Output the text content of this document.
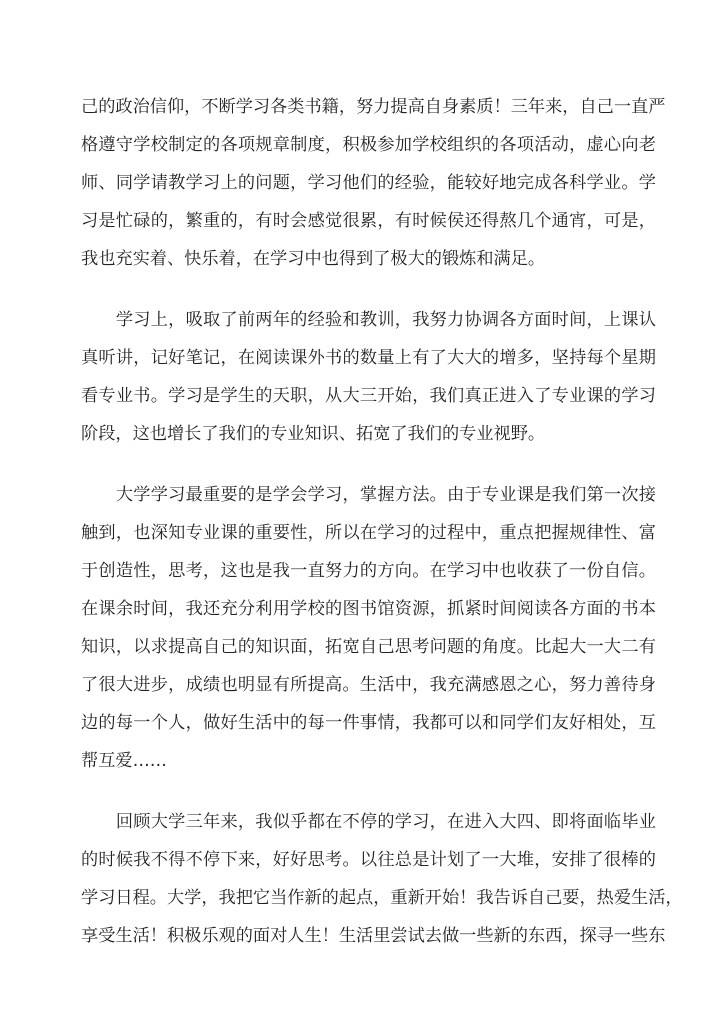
己的政治信仰，不断学习各类书籍，努力提高自身素质！三年来，自己一直严
格遵守学校制定的各项规章制度，积极参加学校组织的各项活动，虚心向老
师、同学请教学习上的问题，学习他们的经验，能较好地完成各科学业。学
习是忙碌的，繁重的，有时会感觉很累，有时候侯还得熬几个通宵，可是，
我也充实着、快乐着，在学习中也得到了极大的锻炼和满足。
　　学习上，吸取了前两年的经验和教训，我努力协调各方面时间，上课认
真听讲，记好笔记，在阅读课外书的数量上有了大大的增多，坚持每个星期
看专业书。学习是学生的天职，从大三开始，我们真正进入了专业课的学习
阶段，这也增长了我们的专业知识、拓宽了我们的专业视野。
　　大学学习最重要的是学会学习，掌握方法。由于专业课是我们第一次接
触到，也深知专业课的重要性，所以在学习的过程中，重点把握规律性、富
于创造性，思考，这也是我一直努力的方向。在学习中也收获了一份自信。
在课余时间，我还充分利用学校的图书馆资源，抓紧时间阅读各方面的书本
知识，以求提高自己的知识面，拓宽自己思考问题的角度。比起大一大二有
了很大进步，成绩也明显有所提高。生活中，我充满感恩之心，努力善待身
边的每一个人，做好生活中的每一件事情，我都可以和同学们友好相处，互
帮互爱……
　　回顾大学三年来，我似乎都在不停的学习，在进入大四、即将面临毕业
的时候我不得不停下来，好好思考。以往总是计划了一大堆，安排了很棒的
学习日程。大学，我把它当作新的起点，重新开始！我告诉自己要，热爱生活，
享受生活！积极乐观的面对人生！生活里尝试去做一些新的东西，探寻一些东
